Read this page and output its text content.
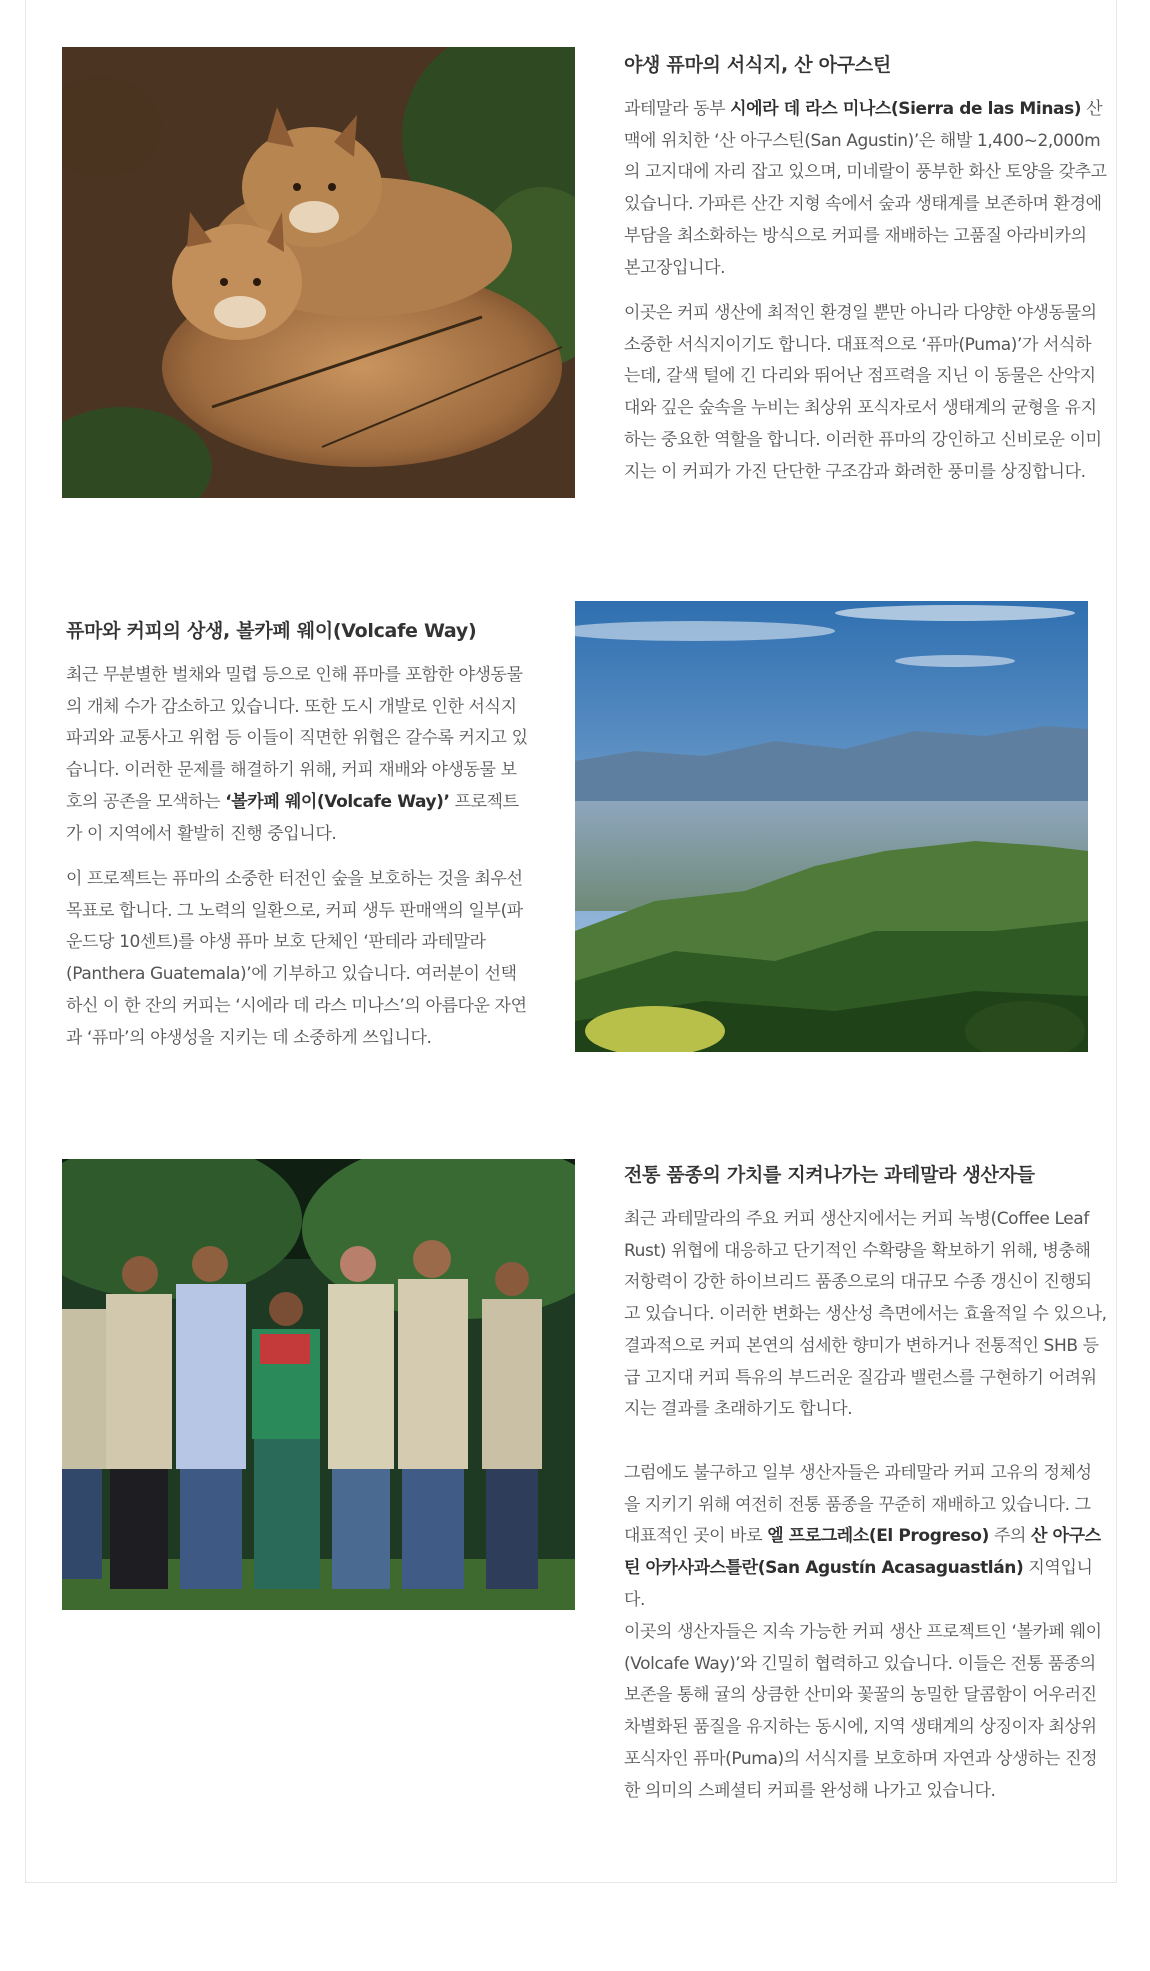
야생 퓨마의 서식지, 산 아구스틴

과테말라 동부 시에라 데 라스 미나스(Sierra de las Minas) 산맥에 위치한 ‘산 아구스틴(San Agustin)’은 해발 1,400~2,000m의 고지대에 자리 잡고 있으며, 미네랄이 풍부한 화산 토양을 갖추고 있습니다. 가파른 산간 지형 속에서 숲과 생태계를 보존하며 환경에 부담을 최소화하는 방식으로 커피를 재배하는 고품질 아라비카의 본고장입니다.

이곳은 커피 생산에 최적인 환경일 뿐만 아니라 다양한 야생동물의 소중한 서식지이기도 합니다. 대표적으로 ‘퓨마(Puma)’가 서식하는데, 갈색 털에 긴 다리와 뛰어난 점프력을 지닌 이 동물은 산악지대와 깊은 숲속을 누비는 최상위 포식자로서 생태계의 균형을 유지하는 중요한 역할을 합니다. 이러한 퓨마의 강인하고 신비로운 이미지는 이 커피가 가진 단단한 구조감과 화려한 풍미를 상징합니다.

퓨마와 커피의 상생, 볼카페 웨이(Volcafe Way)

최근 무분별한 벌채와 밀렵 등으로 인해 퓨마를 포함한 야생동물의 개체 수가 감소하고 있습니다. 또한 도시 개발로 인한 서식지 파괴와 교통사고 위험 등 이들이 직면한 위협은 갈수록 커지고 있습니다. 이러한 문제를 해결하기 위해, 커피 재배와 야생동물 보호의 공존을 모색하는 ‘볼카페 웨이(Volcafe Way)’ 프로젝트가 이 지역에서 활발히 진행 중입니다.

이 프로젝트는 퓨마의 소중한 터전인 숲을 보호하는 것을 최우선 목표로 합니다. 그 노력의 일환으로, 커피 생두 판매액의 일부(파운드당 10센트)를 야생 퓨마 보호 단체인 ‘판테라 과테말라(Panthera Guatemala)’에 기부하고 있습니다. 여러분이 선택하신 이 한 잔의 커피는 ‘시에라 데 라스 미나스’의 아름다운 자연과 ‘퓨마’의 야생성을 지키는 데 소중하게 쓰입니다.

전통 품종의 가치를 지켜나가는 과테말라 생산자들

최근 과테말라의 주요 커피 생산지에서는 커피 녹병(Coffee Leaf Rust) 위협에 대응하고 단기적인 수확량을 확보하기 위해, 병충해 저항력이 강한 하이브리드 품종으로의 대규모 수종 갱신이 진행되고 있습니다. 이러한 변화는 생산성 측면에서는 효율적일 수 있으나, 결과적으로 커피 본연의 섬세한 향미가 변하거나 전통적인 SHB 등급 고지대 커피 특유의 부드러운 질감과 밸런스를 구현하기 어려워지는 결과를 초래하기도 합니다.

그럼에도 불구하고 일부 생산자들은 과테말라 커피 고유의 정체성을 지키기 위해 여전히 전통 품종을 꾸준히 재배하고 있습니다. 그 대표적인 곳이 바로 엘 프로그레소(El Progreso) 주의 산 아구스틴 아카사과스틀란(San Agustín Acasaguastlán) 지역입니다.

이곳의 생산자들은 지속 가능한 커피 생산 프로젝트인 ‘볼카페 웨이(Volcafe Way)’와 긴밀히 협력하고 있습니다. 이들은 전통 품종의 보존을 통해 귤의 상큼한 산미와 꽃꿀의 농밀한 달콤함이 어우러진 차별화된 품질을 유지하는 동시에, 지역 생태계의 상징이자 최상위 포식자인 퓨마(Puma)의 서식지를 보호하며 자연과 상생하는 진정한 의미의 스페셜티 커피를 완성해 나가고 있습니다.
